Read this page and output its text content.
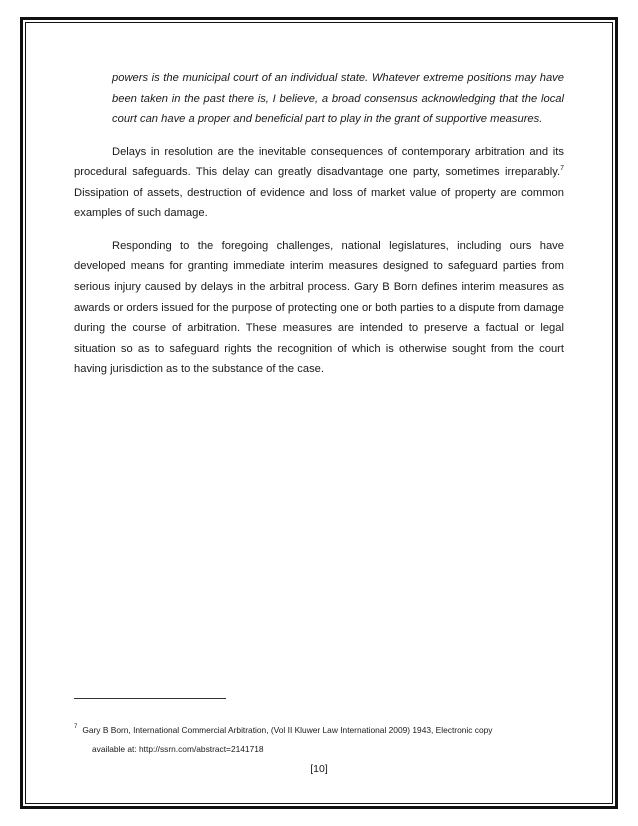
powers is the municipal court of an individual state. Whatever extreme positions may have been taken in the past there is, I believe, a broad consensus acknowledging that the local court can have a proper and beneficial part to play in the grant of supportive measures.

Delays in resolution are the inevitable consequences of contemporary arbitration and its procedural safeguards. This delay can greatly disadvantage one party, sometimes irreparably.$^7$ Dissipation of assets, destruction of evidence and loss of market value of property are common examples of such damage.

Responding to the foregoing challenges, national legislatures, including ours have developed means for granting immediate interim measures designed to safeguard parties from serious injury caused by delays in the arbitral process. Gary B Born defines interim measures as awards or orders issued for the purpose of protecting one or both parties to a dispute from damage during the course of arbitration. These measures are intended to preserve a factual or legal situation so as to safeguard rights the recognition of which is otherwise sought from the court having jurisdiction as to the substance of the case.

$^7$ Gary B Born, International Commercial Arbitration, (Vol II Kluwer Law International 2009) 1943, Electronic copy
available at: http://ssrn.com/abstract=2141718
[10]
